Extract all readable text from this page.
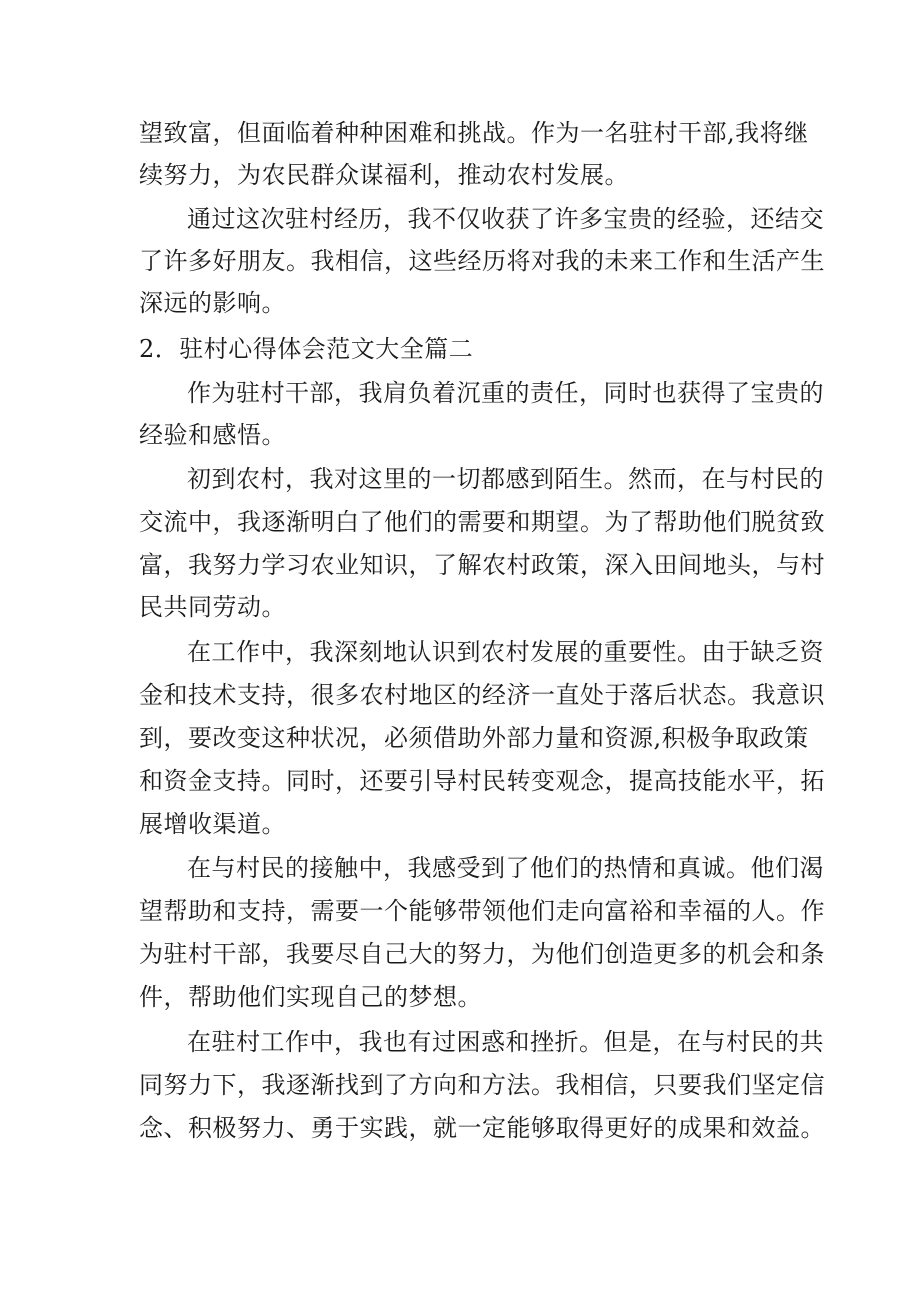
望致富，但面临着种种困难和挑战。作为一名驻村干部,我将继

续努力，为农民群众谋福利，推动农村发展。

通过这次驻村经历，我不仅收获了许多宝贵的经验，还结交

了许多好朋友。我相信，这些经历将对我的未来工作和生活产生

深远的影响。

2．驻村心得体会范文大全篇二

作为驻村干部，我肩负着沉重的责任，同时也获得了宝贵的

经验和感悟。

初到农村，我对这里的一切都感到陌生。然而，在与村民的

交流中，我逐渐明白了他们的需要和期望。为了帮助他们脱贫致

富，我努力学习农业知识，了解农村政策，深入田间地头，与村

民共同劳动。

在工作中，我深刻地认识到农村发展的重要性。由于缺乏资

金和技术支持，很多农村地区的经济一直处于落后状态。我意识

到，要改变这种状况，必须借助外部力量和资源,积极争取政策

和资金支持。同时，还要引导村民转变观念，提高技能水平，拓

展增收渠道。

在与村民的接触中，我感受到了他们的热情和真诚。他们渴

望帮助和支持，需要一个能够带领他们走向富裕和幸福的人。作

为驻村干部，我要尽自己大的努力，为他们创造更多的机会和条

件，帮助他们实现自己的梦想。

在驻村工作中，我也有过困惑和挫折。但是，在与村民的共

同努力下，我逐渐找到了方向和方法。我相信，只要我们坚定信

念、积极努力、勇于实践，就一定能够取得更好的成果和效益。
